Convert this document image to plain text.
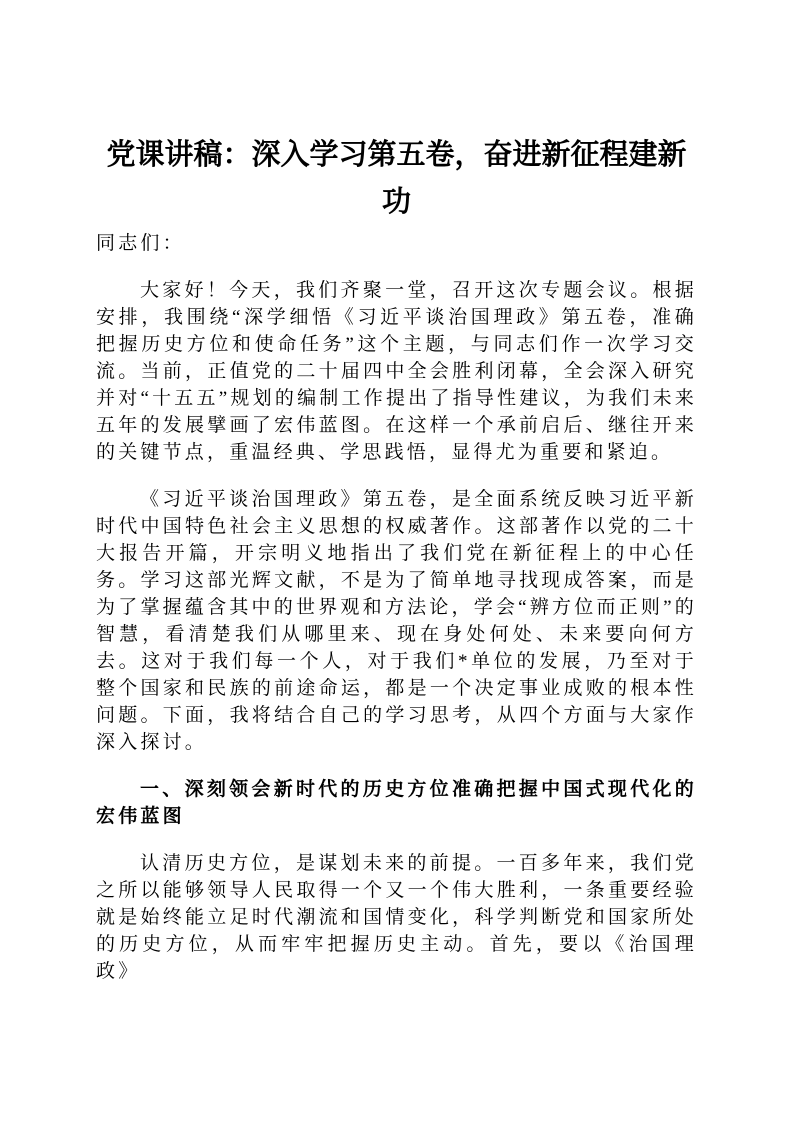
党课讲稿：深入学习第五卷，奋进新征程建新功

同志们：

大家好！今天，我们齐聚一堂，召开这次专题会议。根据安排，我围绕“深学细悟《习近平谈治国理政》第五卷，准确把握历史方位和使命任务”这个主题，与同志们作一次学习交流。当前，正值党的二十届四中全会胜利闭幕，全会深入研究并对“十五五”规划的编制工作提出了指导性建议，为我们未来五年的发展擘画了宏伟蓝图。在这样一个承前启后、继往开来的关键节点，重温经典、学思践悟，显得尤为重要和紧迫。

《习近平谈治国理政》第五卷，是全面系统反映习近平新时代中国特色社会主义思想的权威著作。这部著作以党的二十大报告开篇，开宗明义地指出了我们党在新征程上的中心任务。学习这部光辉文献，不是为了简单地寻找现成答案，而是为了掌握蕴含其中的世界观和方法论，学会“辨方位而正则”的智慧，看清楚我们从哪里来、现在身处何处、未来要向何方去。这对于我们每一个人，对于我们*单位的发展，乃至对于整个国家和民族的前途命运，都是一个决定事业成败的根本性问题。下面，我将结合自己的学习思考，从四个方面与大家作深入探讨。

一、深刻领会新时代的历史方位准确把握中国式现代化的宏伟蓝图

认清历史方位，是谋划未来的前提。一百多年来，我们党之所以能够领导人民取得一个又一个伟大胜利，一条重要经验就是始终能立足时代潮流和国情变化，科学判断党和国家所处的历史方位，从而牢牢把握历史主动。首先，要以《治国理政》
